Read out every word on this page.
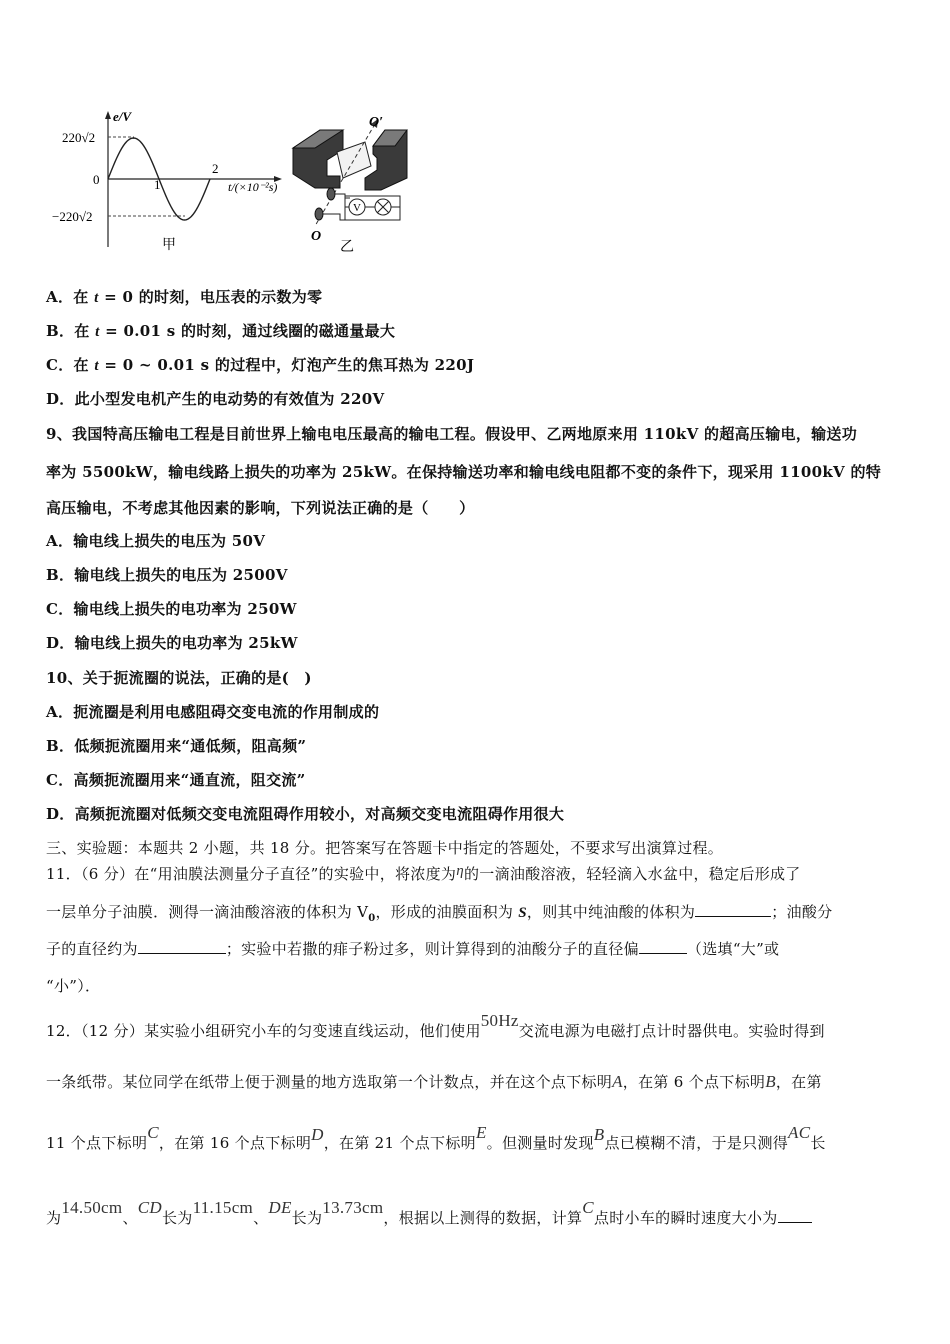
e/V
220√2
0
−220√2
1
2
t/(×10⁻²s)
甲
V
O′
O
乙
A．在 t = 0 的时刻，电压表的示数为零
B．在 t = 0.01 s 的时刻，通过线圈的磁通量最大
C．在 t = 0 ~ 0.01 s 的过程中，灯泡产生的焦耳热为 220J
D．此小型发电机产生的电动势的有效值为 220V
9、我国特高压输电工程是目前世界上输电电压最高的输电工程。假设甲、乙两地原来用 110kV 的超高压输电，输送功
率为 5500kW，输电线路上损失的功率为 25kW。在保持输送功率和输电线电阻都不变的条件下，现采用 1100kV 的特
高压输电，不考虑其他因素的影响，下列说法正确的是（　　）
A．输电线上损失的电压为 50V
B．输电线上损失的电压为 2500V
C．输电线上损失的电功率为 250W
D．输电线上损失的电功率为 25kW
10、关于扼流圈的说法，正确的是(　)
A．扼流圈是利用电感阻碍交变电流的作用制成的
B．低频扼流圈用来“通低频，阻高频”
C．高频扼流圈用来“通直流，阻交流”
D．高频扼流圈对低频交变电流阻碍作用较小，对高频交变电流阻碍作用很大
三、实验题：本题共 2 小题，共 18 分。把答案写在答题卡中指定的答题处，不要求写出演算过程。
11．（6 分）在“用油膜法测量分子直径”的实验中，将浓度为η的一滴油酸溶液，轻轻滴入水盆中，稳定后形成了
一层单分子油膜．测得一滴油酸溶液的体积为 $V_0$，形成的油膜面积为 S，则其中纯油酸的体积为	；油酸分
子的直径约为	；实验中若撒的痱子粉过多，则计算得到的油酸分子的直径偏	（选填“大”或
“小”）．
12．（12 分）某实验小组研究小车的匀变速直线运动，他们使用50Hz交流电源为电磁打点计时器供电。实验时得到
一条纸带。某位同学在纸带上便于测量的地方选取第一个计数点，并在这个点下标明A，在第 6 个点下标明B，在第
11 个点下标明C，在第 16 个点下标明D，在第 21 个点下标明E。但测量时发现B点已模糊不清，于是只测得AC长
为14.50cm、CD长为11.15cm、DE长为13.73cm，根据以上测得的数据，计算C点时小车的瞬时速度大小为
